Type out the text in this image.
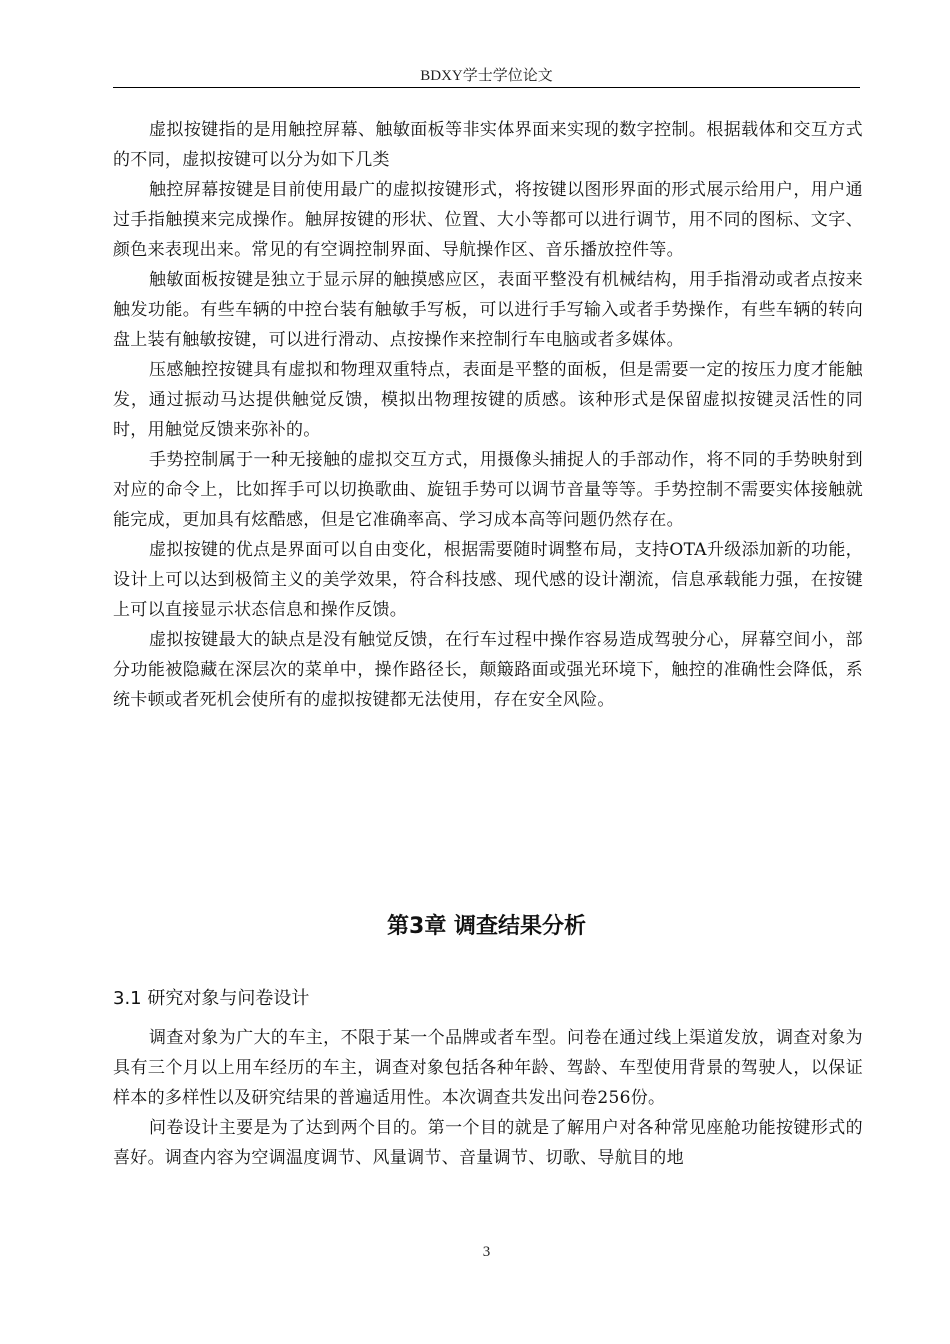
BDXY学士学位论文

虚拟按键指的是用触控屏幕、触敏面板等非实体界面来实现的数字控制。根据载体和交互方式的不同，虚拟按键可以分为如下几类

触控屏幕按键是目前使用最广的虚拟按键形式，将按键以图形界面的形式展示给用户，用户通过手指触摸来完成操作。触屏按键的形状、位置、大小等都可以进行调节，用不同的图标、文字、颜色来表现出来。常见的有空调控制界面、导航操作区、音乐播放控件等。

触敏面板按键是独立于显示屏的触摸感应区，表面平整没有机械结构，用手指滑动或者点按来触发功能。有些车辆的中控台装有触敏手写板，可以进行手写输入或者手势操作，有些车辆的转向盘上装有触敏按键，可以进行滑动、点按操作来控制行车电脑或者多媒体。

压感触控按键具有虚拟和物理双重特点，表面是平整的面板，但是需要一定的按压力度才能触发，通过振动马达提供触觉反馈，模拟出物理按键的质感。该种形式是保留虚拟按键灵活性的同时，用触觉反馈来弥补的。

手势控制属于一种无接触的虚拟交互方式，用摄像头捕捉人的手部动作，将不同的手势映射到对应的命令上，比如挥手可以切换歌曲、旋钮手势可以调节音量等等。手势控制不需要实体接触就能完成，更加具有炫酷感，但是它准确率高、学习成本高等问题仍然存在。

虚拟按键的优点是界面可以自由变化，根据需要随时调整布局，支持OTA升级添加新的功能，设计上可以达到极简主义的美学效果，符合科技感、现代感的设计潮流，信息承载能力强，在按键上可以直接显示状态信息和操作反馈。

虚拟按键最大的缺点是没有触觉反馈，在行车过程中操作容易造成驾驶分心，屏幕空间小，部分功能被隐藏在深层次的菜单中，操作路径长，颠簸路面或强光环境下，触控的准确性会降低，系统卡顿或者死机会使所有的虚拟按键都无法使用，存在安全风险。

第3章 调查结果分析
3.1 研究对象与问卷设计

调查对象为广大的车主，不限于某一个品牌或者车型。问卷在通过线上渠道发放，调查对象为具有三个月以上用车经历的车主，调查对象包括各种年龄、驾龄、车型使用背景的驾驶人，以保证样本的多样性以及研究结果的普遍适用性。本次调查共发出问卷256份。

问卷设计主要是为了达到两个目的。第一个目的就是了解用户对各种常见座舱功能按键形式的喜好。调查内容为空调温度调节、风量调节、音量调节、切歌、导航目的地

3
